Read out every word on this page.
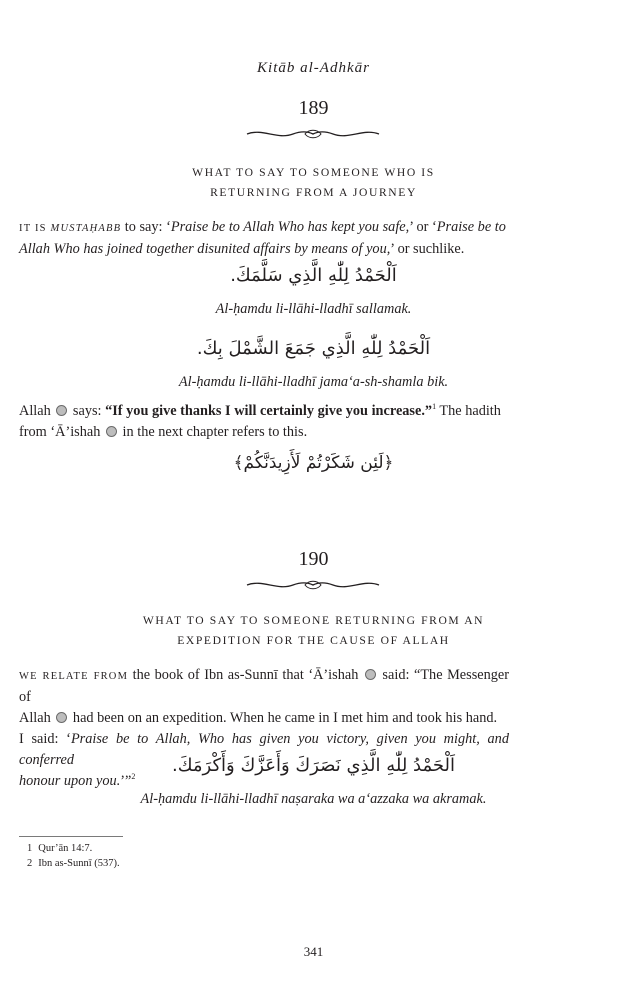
Kitāb al-Adhkār
189
WHAT TO SAY TO SOMEONE WHO IS
RETURNING FROM A JOURNEY
IT IS MUSTAḤABB to say: ‘Praise be to Allah Who has kept you safe,’ or ‘Praise be to
Allah Who has joined together disunited affairs by means of you,’ or suchlike.
اَلْحَمْدُ لِلّٰهِ الَّذِي سَلَّمَكَ.
Al-ḥamdu li-llāhi-lladhī sallamak.
اَلْحَمْدُ لِلّٰهِ الَّذِي جَمَعَ الشَّمْلَ بِكَ.
Al-ḥamdu li-llāhi-lladhī jama‘a-sh-shamla bik.
Allah  says: “If you give thanks I will certainly give you increase.”$^1$ The hadith
from ‘Ā’ishah  in the next chapter refers to this.
﴿لَئِن شَكَرْتُمْ لَأَزِيدَنَّكُمْ﴾
190
WHAT TO SAY TO SOMEONE RETURNING FROM AN
EXPEDITION FOR THE CAUSE OF ALLAH
WE RELATE FROM the book of Ibn as-Sunnī that ‘Ā’ishah  said: “The Messenger of
Allah  had been on an expedition. When he came in I met him and took his hand.
I said: ‘Praise be to Allah, Who has given you victory, given you might, and conferred
honour upon you.’”$^2$
اَلْحَمْدُ لِلّٰهِ الَّذِي نَصَرَكَ وَأَعَزَّكَ وَأَكْرَمَكَ.
Al-ḥamdu li-llāhi-lladhī naṣaraka wa a‘azzaka wa akramak.
1 Qur’ān 14:7.
2 Ibn as-Sunnī (537).
341
